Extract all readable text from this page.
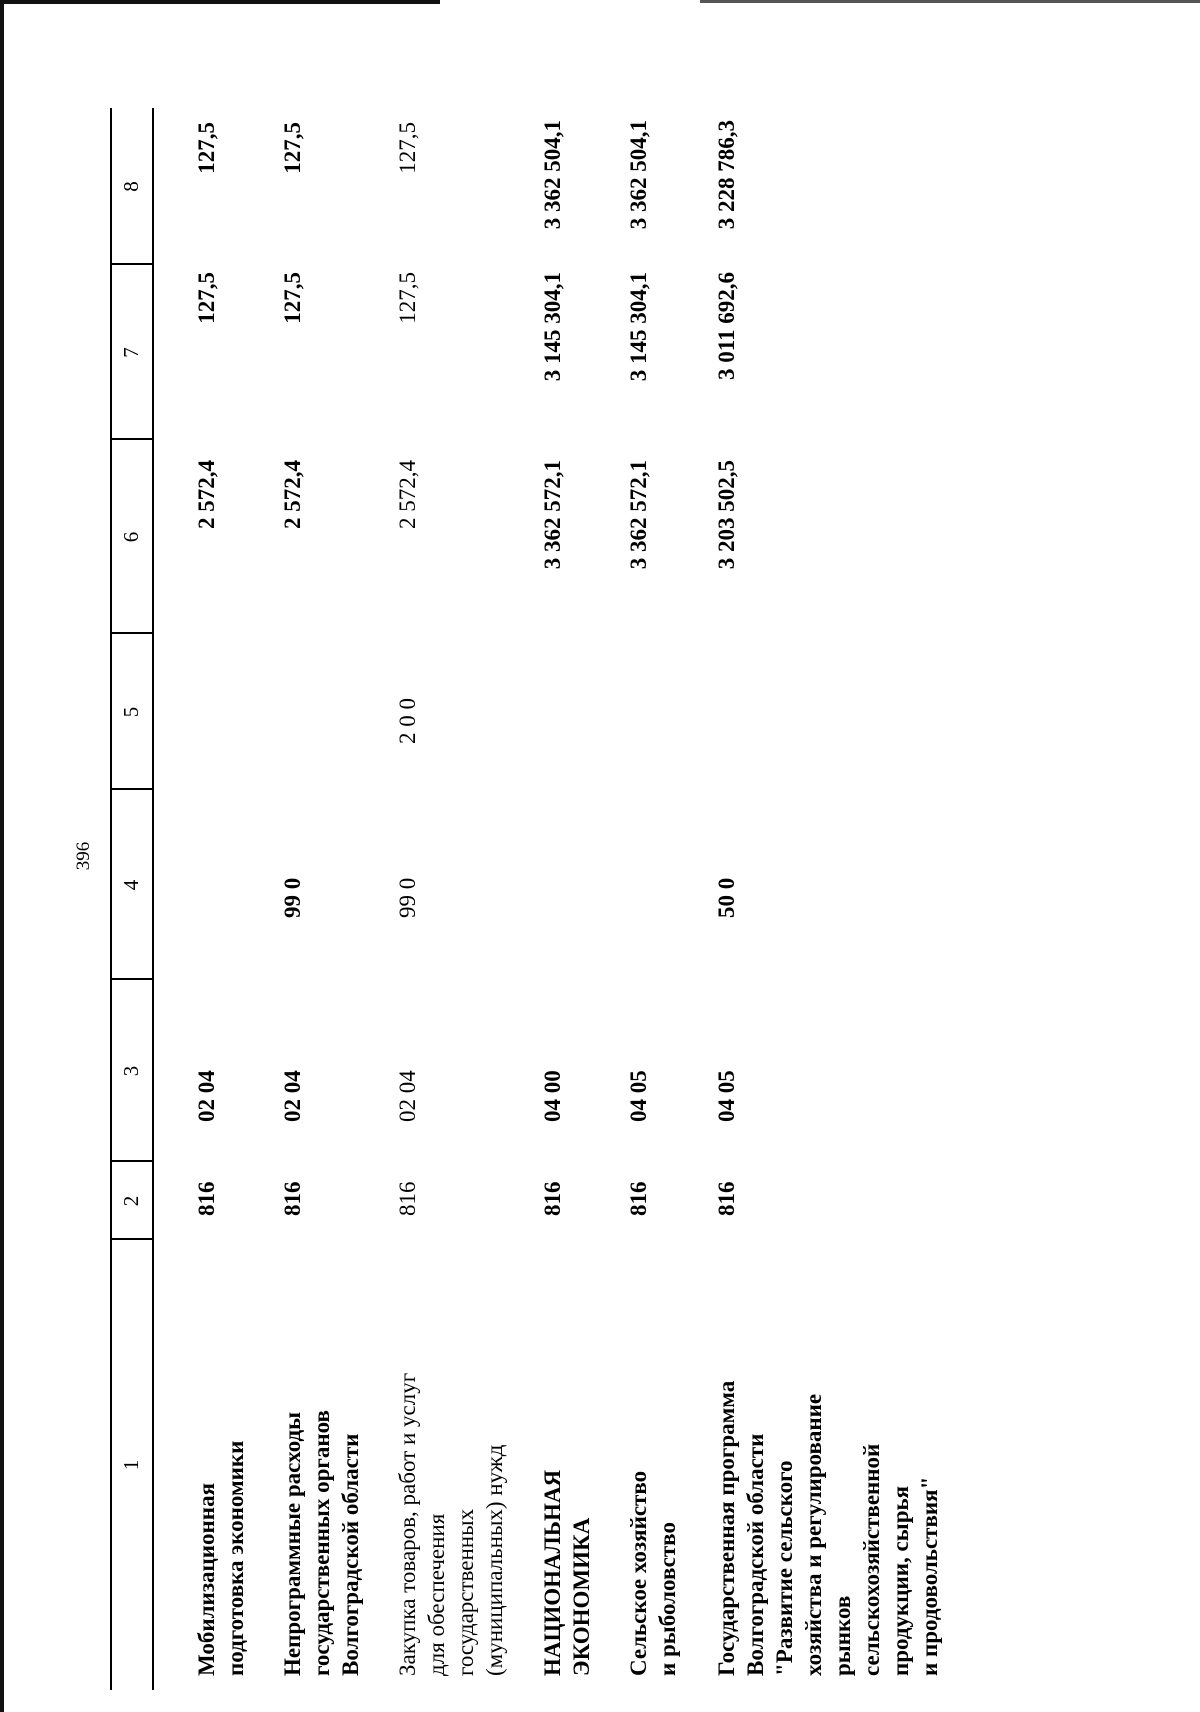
396
1
2
3
4
5
6
7
8
Мобилизационная подготовка экономики
816
02 04
2 572,4
127,5
127,5
Непрограммные расходы государственных органов Волгоградской области
816
02 04
99 0
2 572,4
127,5
127,5
Закупка товаров, работ и услуг для обеспечения государственных (муниципальных) нужд
816
02 04
99 0
2 0 0
2 572,4
127,5
127,5
НАЦИОНАЛЬНАЯ ЭКОНОМИКА
816
04 00
3 362 572,1
3 145 304,1
3 362 504,1
Сельское хозяйство и рыболовство
816
04 05
3 362 572,1
3 145 304,1
3 362 504,1
Государственная программа Волгоградской области "Развитие сельского хозяйства и регулирование рынков сельскохозяйственной продукции, сырья и продовольствия"
816
04 05
50 0
3 203 502,5
3 011 692,6
3 228 786,3
